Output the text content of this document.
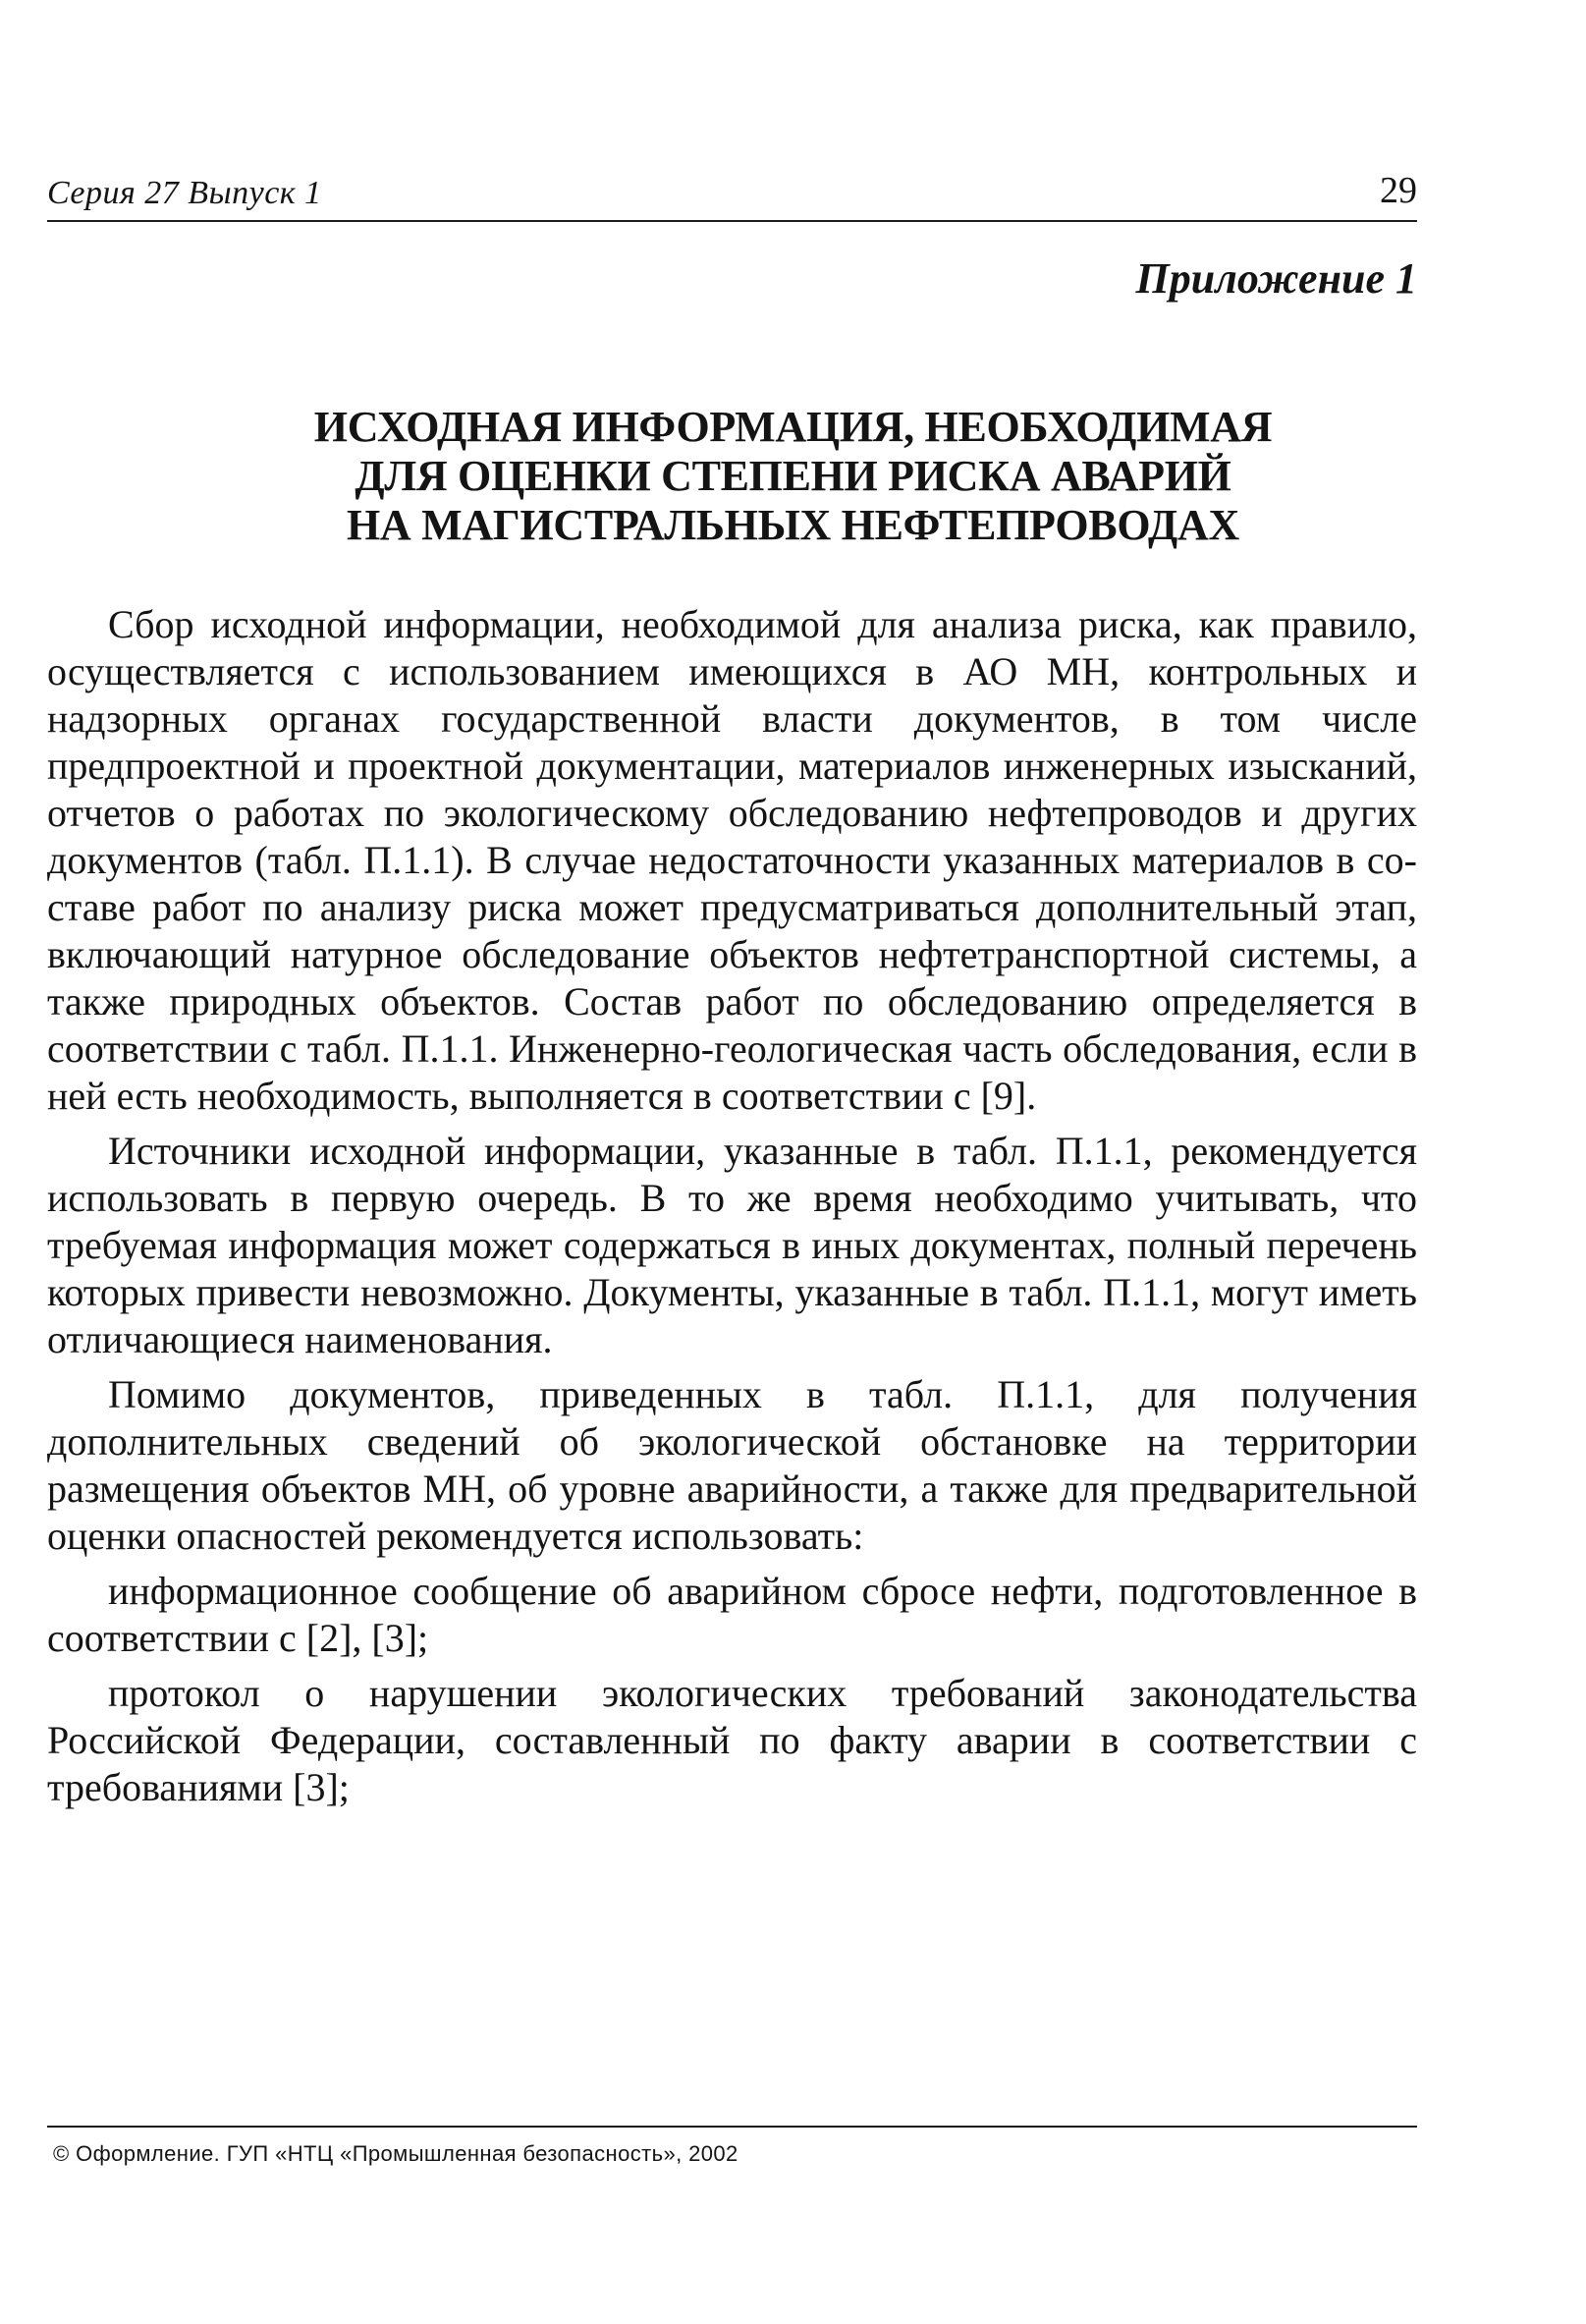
Серия 27 Выпуск 1	29
Приложение 1
ИСХОДНАЯ ИНФОРМАЦИЯ, НЕОБХОДИМАЯ
ДЛЯ ОЦЕНКИ СТЕПЕНИ РИСКА АВАРИЙ
НА МАГИСТРАЛЬНЫХ НЕФТЕПРОВОДАХ

Сбор исходной информации, необходимой для анализа риска, как правило, осуществляется с использованием имеющихся в АО МН, контрольных и надзорных органах государственной власти документов, в том числе предпроектной и проектной документации, материалов инженерных изысканий, отчетов о работах по экологическому обследованию нефтепроводов и других документов (табл. П.1.1). В случае недостаточности указанных материалов в составе работ по анализу риска может предусматриваться дополнительный этап, включающий натурное обследование объектов нефтетранспортной системы, а также природных объектов. Состав работ по обследованию определяется в соответствии с табл. П.1.1. Инженерно-геологическая часть обследования, если в ней есть необходимость, выполняется в соответствии с [9].

Источники исходной информации, указанные в табл. П.1.1, рекомендуется использовать в первую очередь. В то же время необходимо учитывать, что требуемая информация может содержаться в иных документах, полный перечень которых привести невозможно. Документы, указанные в табл. П.1.1, могут иметь отличающиеся наименования.

Помимо документов, приведенных в табл. П.1.1, для получения дополнительных сведений об экологической обстановке на территории размещения объектов МН, об уровне аварийности, а также для предварительной оценки опасностей рекомендуется использовать:

информационное сообщение об аварийном сбросе нефти, подготовленное в соответствии с [2], [3];

протокол о нарушении экологических требований законодательства Российской Федерации, составленный по факту аварии в соответствии с требованиями [3];

© Оформление. ГУП «НТЦ «Промышленная безопасность», 2002
